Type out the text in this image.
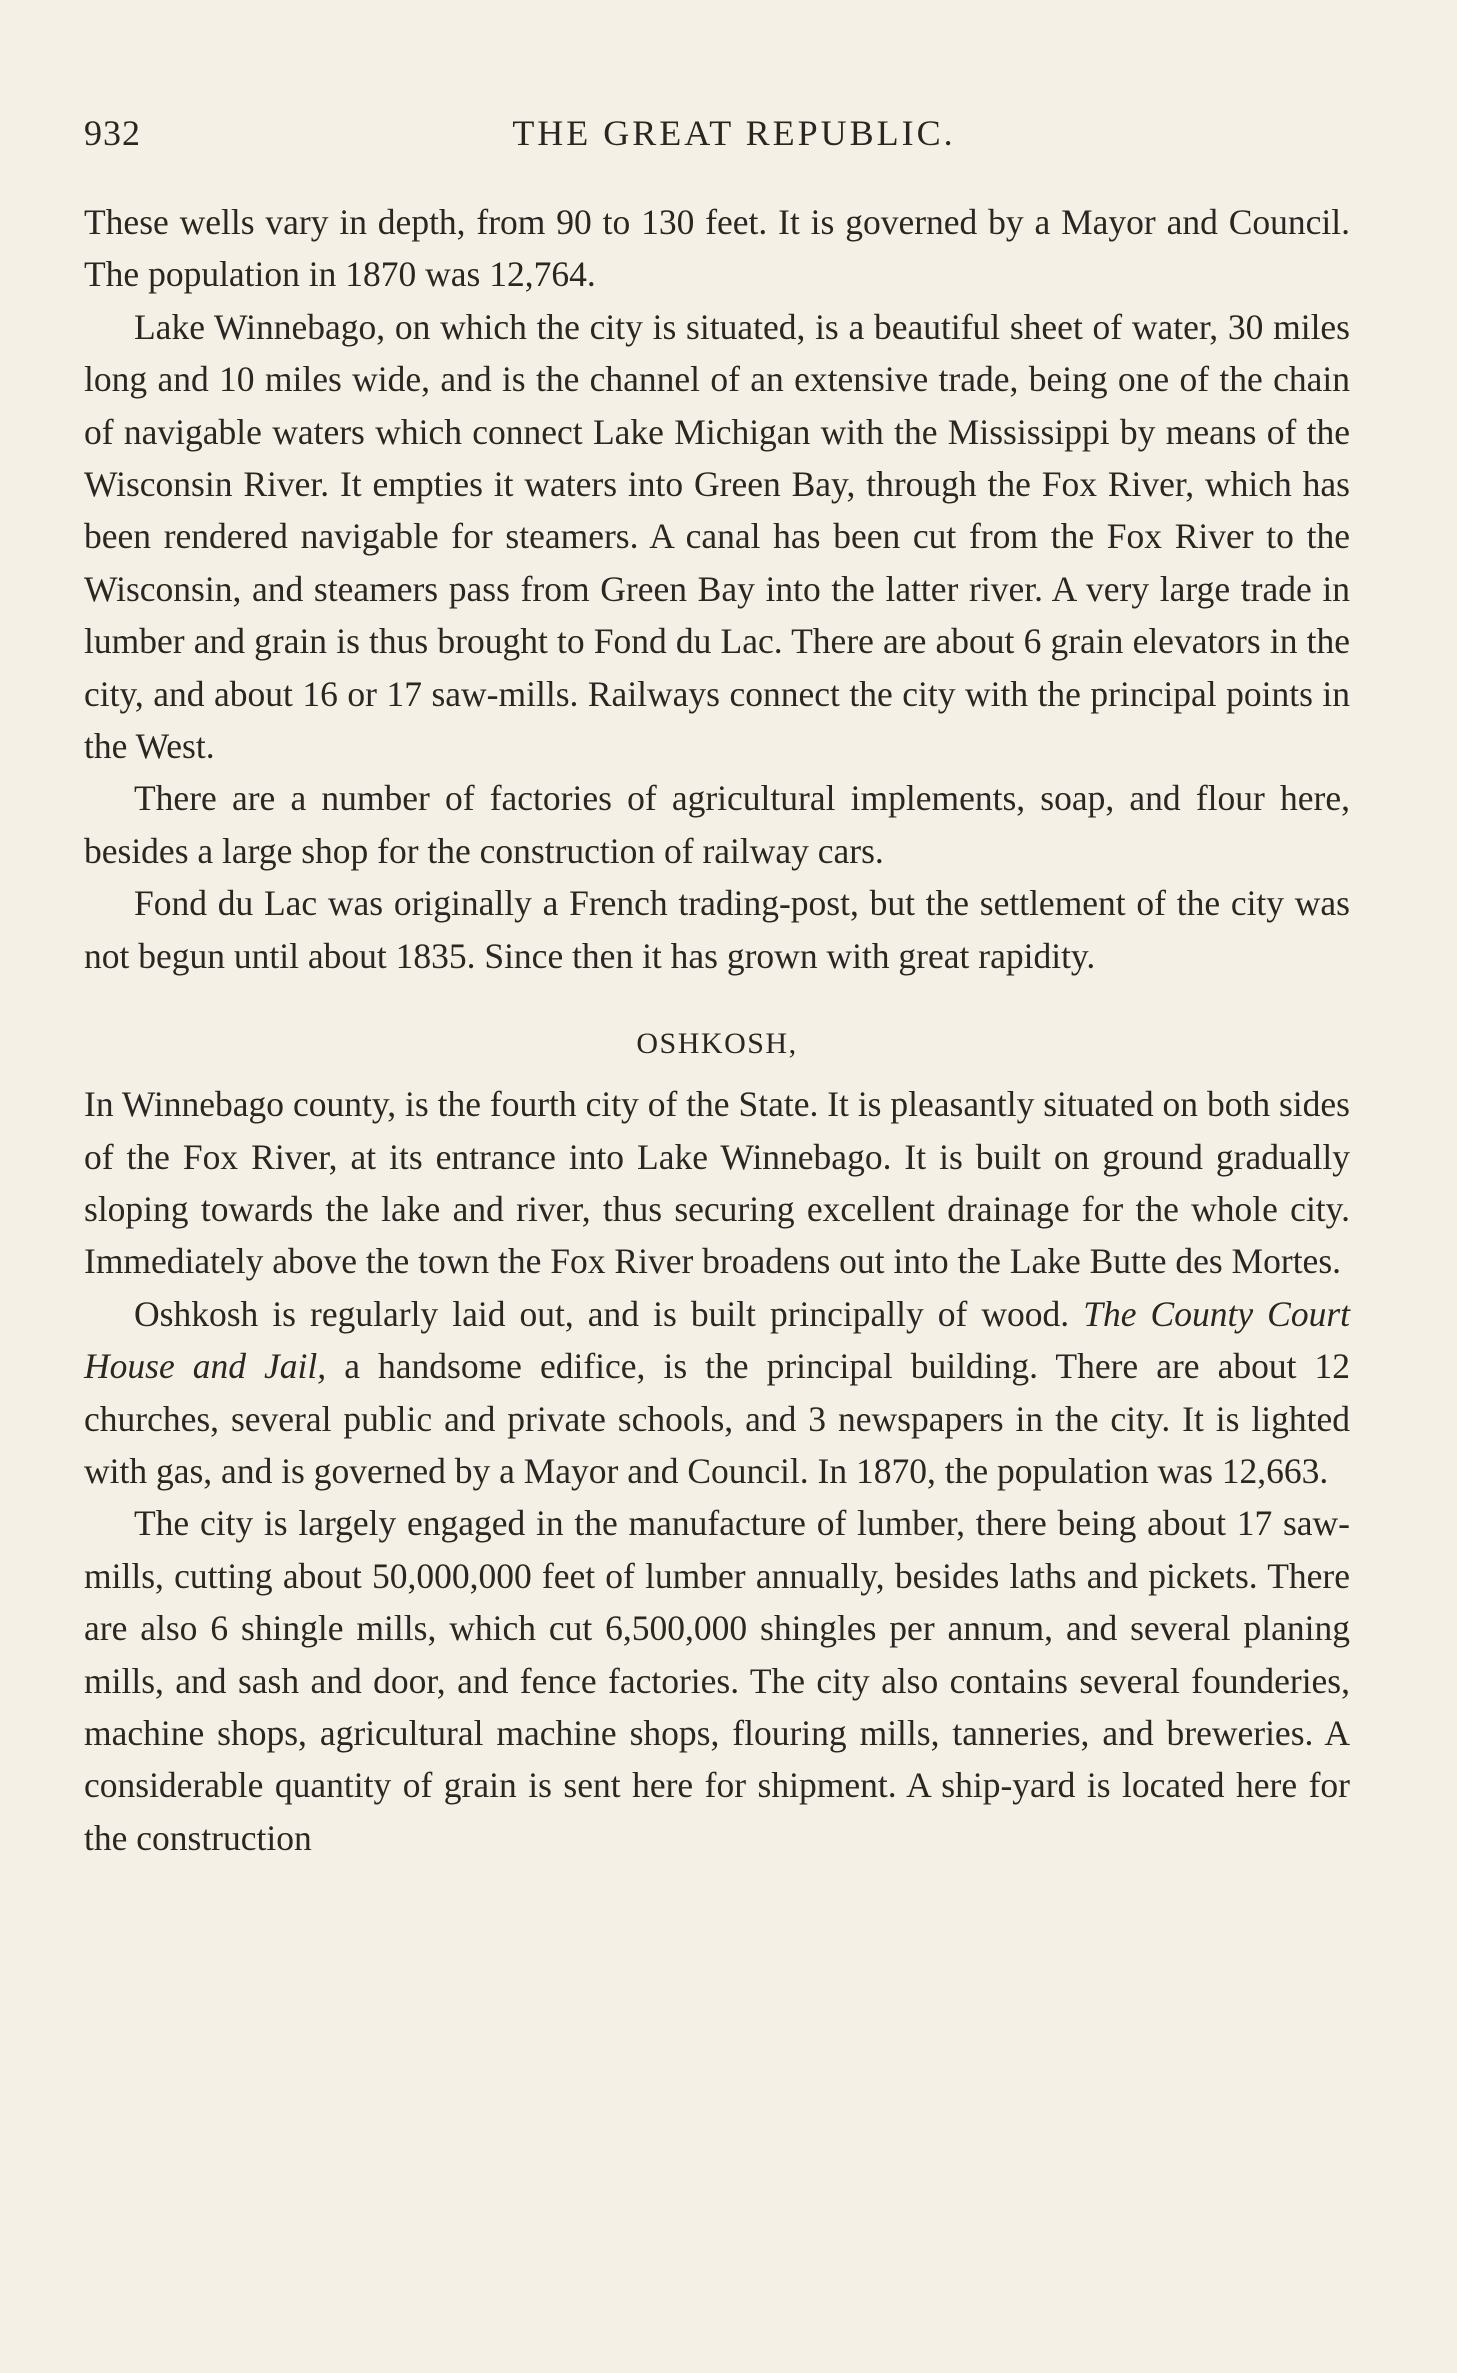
932	THE GREAT REPUBLIC.

These wells vary in depth, from 90 to 130 feet. It is governed by a Mayor and Council. The population in 1870 was 12,764.

Lake Winnebago, on which the city is situated, is a beautiful sheet of water, 30 miles long and 10 miles wide, and is the channel of an extensive trade, being one of the chain of navigable waters which connect Lake Michigan with the Mississippi by means of the Wisconsin River. It empties it waters into Green Bay, through the Fox River, which has been rendered navigable for steamers. A canal has been cut from the Fox River to the Wisconsin, and steamers pass from Green Bay into the latter river. A very large trade in lumber and grain is thus brought to Fond du Lac. There are about 6 grain elevators in the city, and about 16 or 17 saw-mills. Railways connect the city with the principal points in the West.

There are a number of factories of agricultural implements, soap, and flour here, besides a large shop for the construction of railway cars.

Fond du Lac was originally a French trading-post, but the settlement of the city was not begun until about 1835. Since then it has grown with great rapidity.

OSHKOSH,

In Winnebago county, is the fourth city of the State. It is pleasantly situated on both sides of the Fox River, at its entrance into Lake Winnebago. It is built on ground gradually sloping towards the lake and river, thus securing excellent drainage for the whole city. Immediately above the town the Fox River broadens out into the Lake Butte des Mortes.

Oshkosh is regularly laid out, and is built principally of wood. The County Court House and Jail, a handsome edifice, is the principal building. There are about 12 churches, several public and private schools, and 3 newspapers in the city. It is lighted with gas, and is governed by a Mayor and Council. In 1870, the population was 12,663.

The city is largely engaged in the manufacture of lumber, there being about 17 saw-mills, cutting about 50,000,000 feet of lumber annually, besides laths and pickets. There are also 6 shingle mills, which cut 6,500,000 shingles per annum, and several planing mills, and sash and door, and fence factories. The city also contains several founderies, machine shops, agricultural machine shops, flouring mills, tanneries, and breweries. A considerable quantity of grain is sent here for shipment. A ship-yard is located here for the construction
